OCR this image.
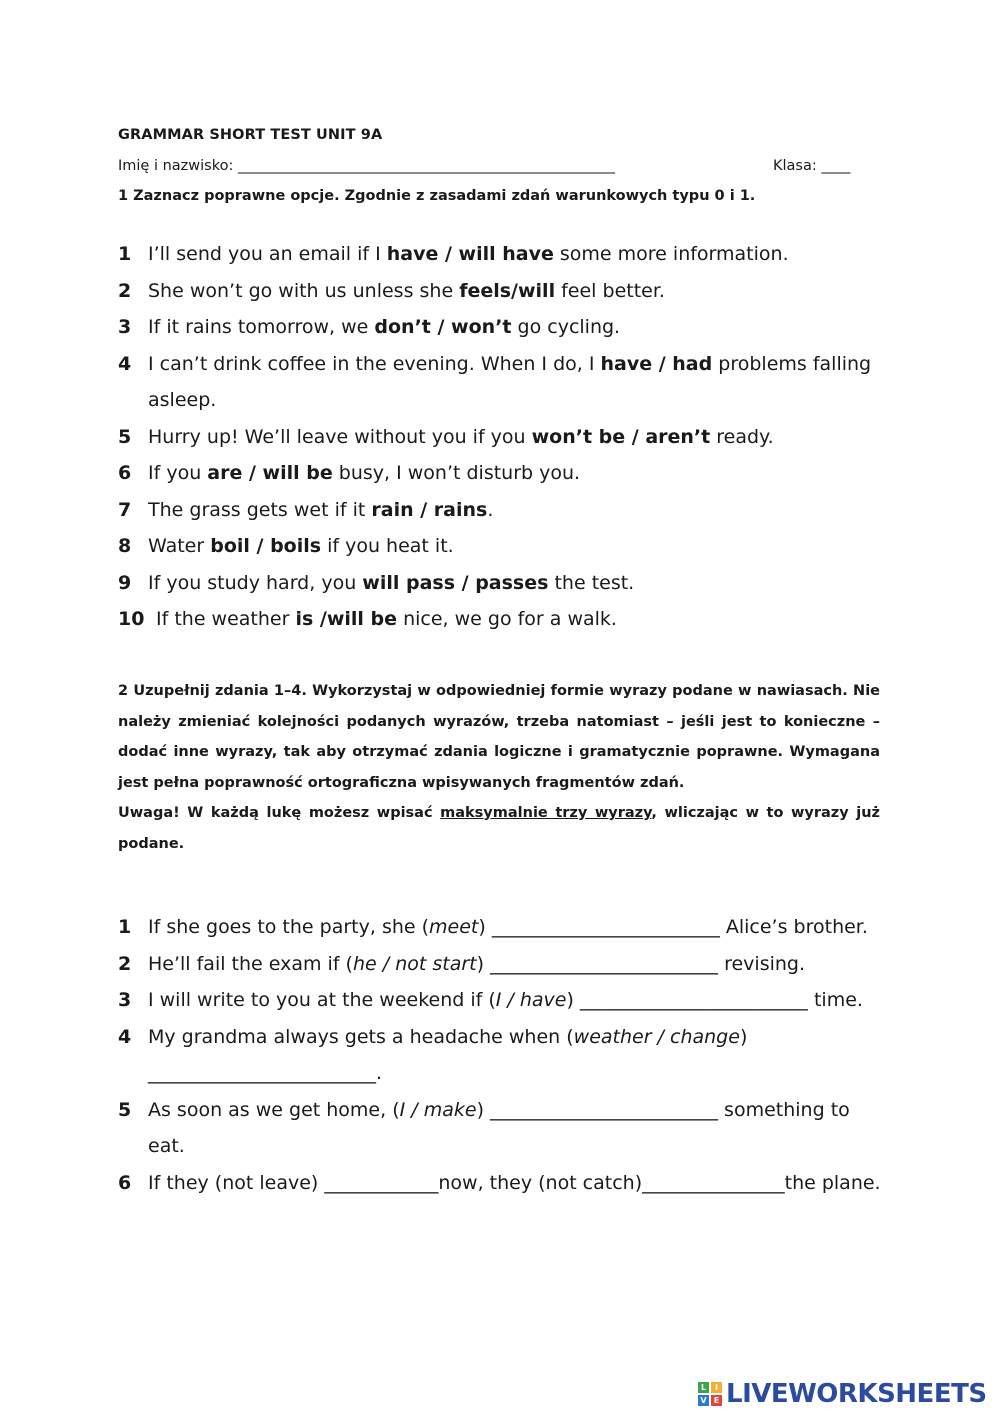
GRAMMAR SHORT TEST UNIT 9A
Imię i nazwisko: ____________________________________________________	Klasa: ____
1 Zaznacz poprawne opcje. Zgodnie z zasadami zdań warunkowych typu 0 i 1.
1 I’ll send you an email if I have / will have some more information.
2 She won’t go with us unless she feels/will feel better.
3 If it rains tomorrow, we don’t / won’t go cycling.
4 I can’t drink coffee in the evening. When I do, I have / had problems falling asleep.
5 Hurry up! We’ll leave without you if you won’t be / aren’t ready.
6 If you are / will be busy, I won’t disturb you.
7 The grass gets wet if it rain / rains.
8 Water boil / boils if you heat it.
9 If you study hard, you will pass / passes the test.
10 If the weather is /will be nice, we go for a walk.

2 Uzupełnij zdania 1–4. Wykorzystaj w odpowiedniej formie wyrazy podane w nawiasach. Nie należy zmieniać kolejności podanych wyrazów, trzeba natomiast – jeśli jest to konieczne – dodać inne wyrazy, tak aby otrzymać zdania logiczne i gramatycznie poprawne. Wymagana jest pełna poprawność ortograficzna wpisywanych fragmentów zdań.

Uwaga! W każdą lukę możesz wpisać maksymalnie trzy wyrazy, wliczając w to wyrazy już podane.

1 If she goes to the party, she (meet) ________________________ Alice’s brother.
2 He’ll fail the exam if (he / not start) ________________________ revising.
3 I will write to you at the weekend if (I / have) ________________________ time.
4 My grandma always gets a headache when (weather / change) ________________________.
5 As soon as we get home, (I / make) ________________________ something to eat.
6 If they (not leave) ____________now, they (not catch)_______________the plane.
L	I
V E LIVEWORKSHEETS
